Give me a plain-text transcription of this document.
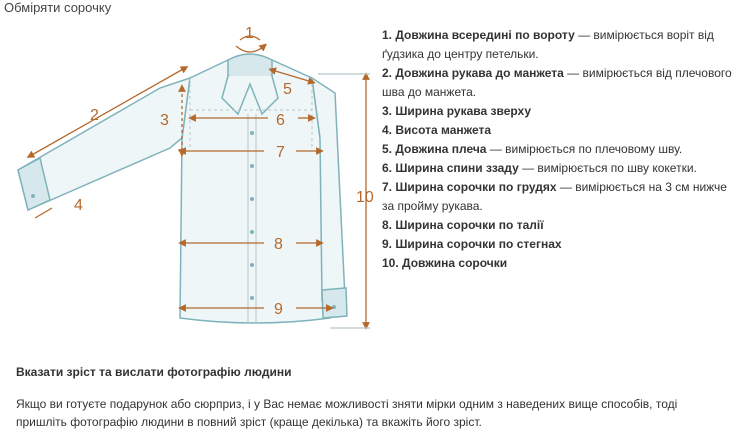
Обміряти сорочку
1
2	3
4
5
6
7
8
9
10
1. Довжина всередині по вороту — вимірюється ворiт від ґудзика до центру петельки.
2. Довжина рукава до манжета — вимірюється від плечового шва до манжета.
3. Ширина рукава зверху
4. Висота манжета
5. Довжина плеча — вимірюється по плечовому шву.
6. Ширина спини ззаду — вимірюється по шву кокетки.
7. Ширина сорочки по грудях — вимірюється на 3 см нижче за пройму рукава.
8. Ширина сорочки по талії
9. Ширина сорочки по стегнах
10. Довжина сорочки
Вказати зріст та вислати фотографію людини
Якщо ви готуєте подарунок або сюрприз, і у Вас немає можливості зняти мірки одним з наведених вище способів, тоді пришліть фотографію людини в повний зріст (краще декілька) та вкажіть його зріст.
